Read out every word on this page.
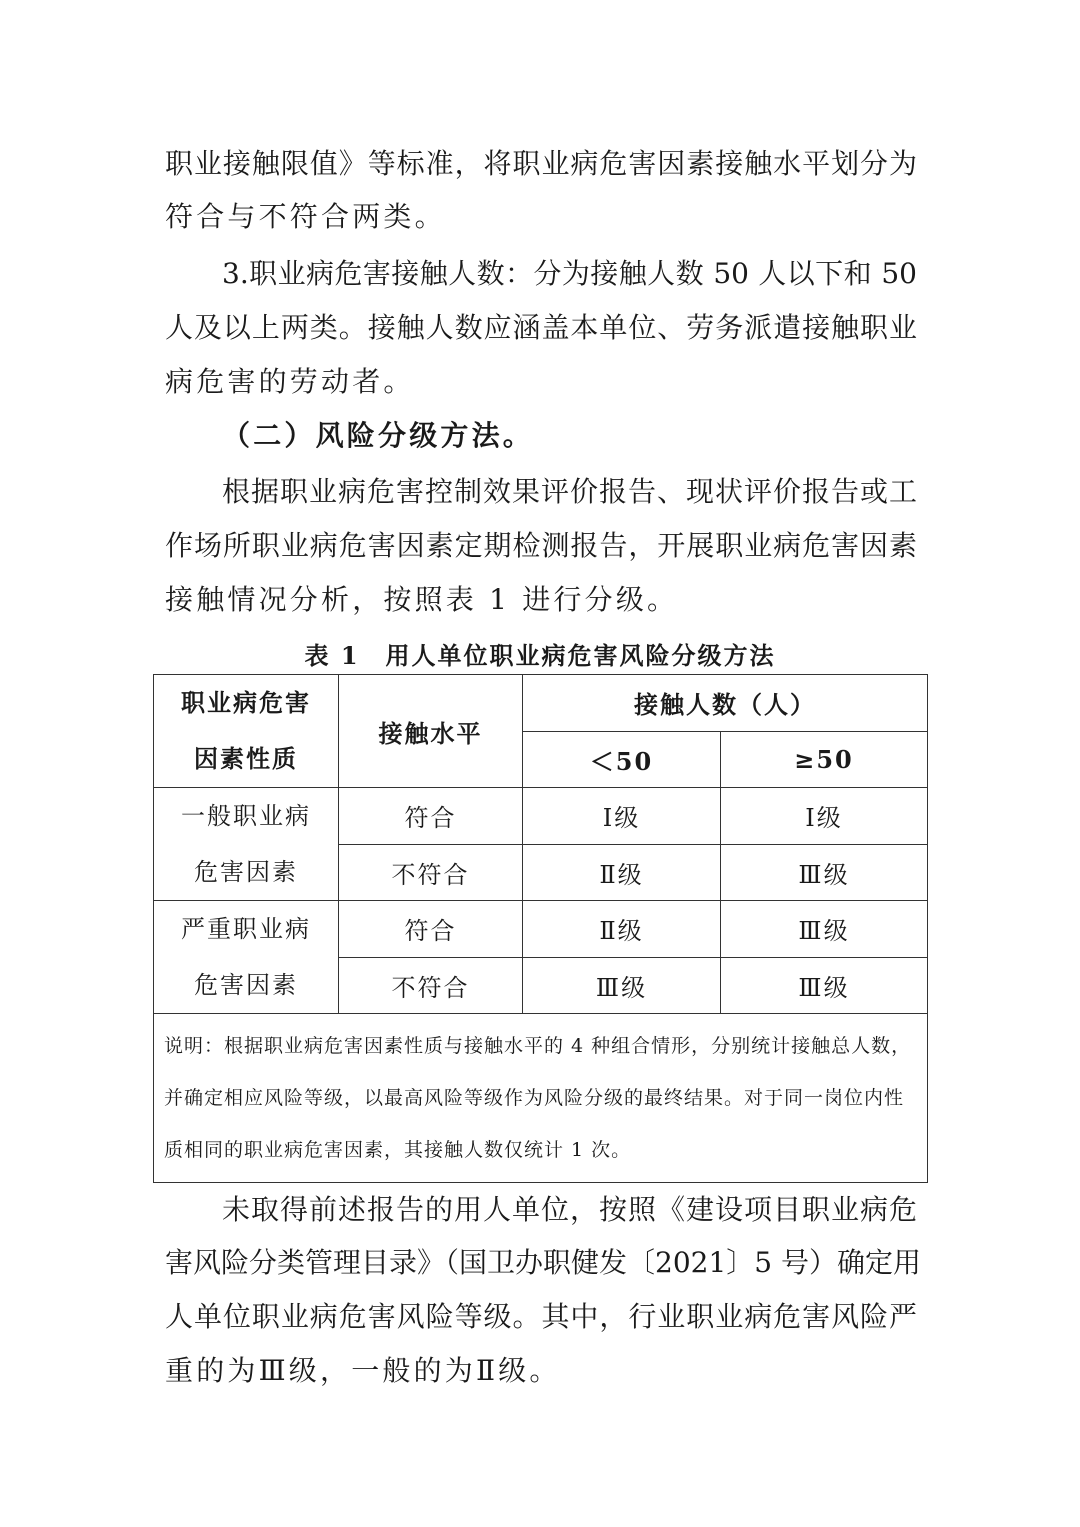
职业接触限值》等标准，将职业病危害因素接触水平划分为
符合与不符合两类。
3.职业病危害接触人数：分为接触人数 50 人以下和 50
人及以上两类。接触人数应涵盖本单位、劳务派遣接触职业
病危害的劳动者。
（二）风险分级方法。
根据职业病危害控制效果评价报告、现状评价报告或工
作场所职业病危害因素定期检测报告，开展职业病危害因素
接触情况分析，按照表 1 进行分级。
表 1　用人单位职业病危害风险分级方法
职业病危害
因素性质	接触水平	接触人数（人）	
		＜50	≥50

一般职业病
危害因素	符合	Ⅰ级	Ⅰ级
	不符合	Ⅱ级	Ⅲ级

严重职业病
危害因素	符合	Ⅱ级	Ⅲ级
	不符合	Ⅲ级	Ⅲ级
说明：根据职业病危害因素性质与接触水平的 4 种组合情形，分别统计接触总人数，并确定相应风险等级，以最高风险等级作为风险分级的最终结果。对于同一岗位内性质相同的职业病危害因素，其接触人数仅统计 1 次。			
未取得前述报告的用人单位，按照《建设项目职业病危
害风险分类管理目录》（国卫办职健发〔2021〕5 号）确定用
人单位职业病危害风险等级。其中，行业职业病危害风险严
重的为Ⅲ级，一般的为Ⅱ级。
